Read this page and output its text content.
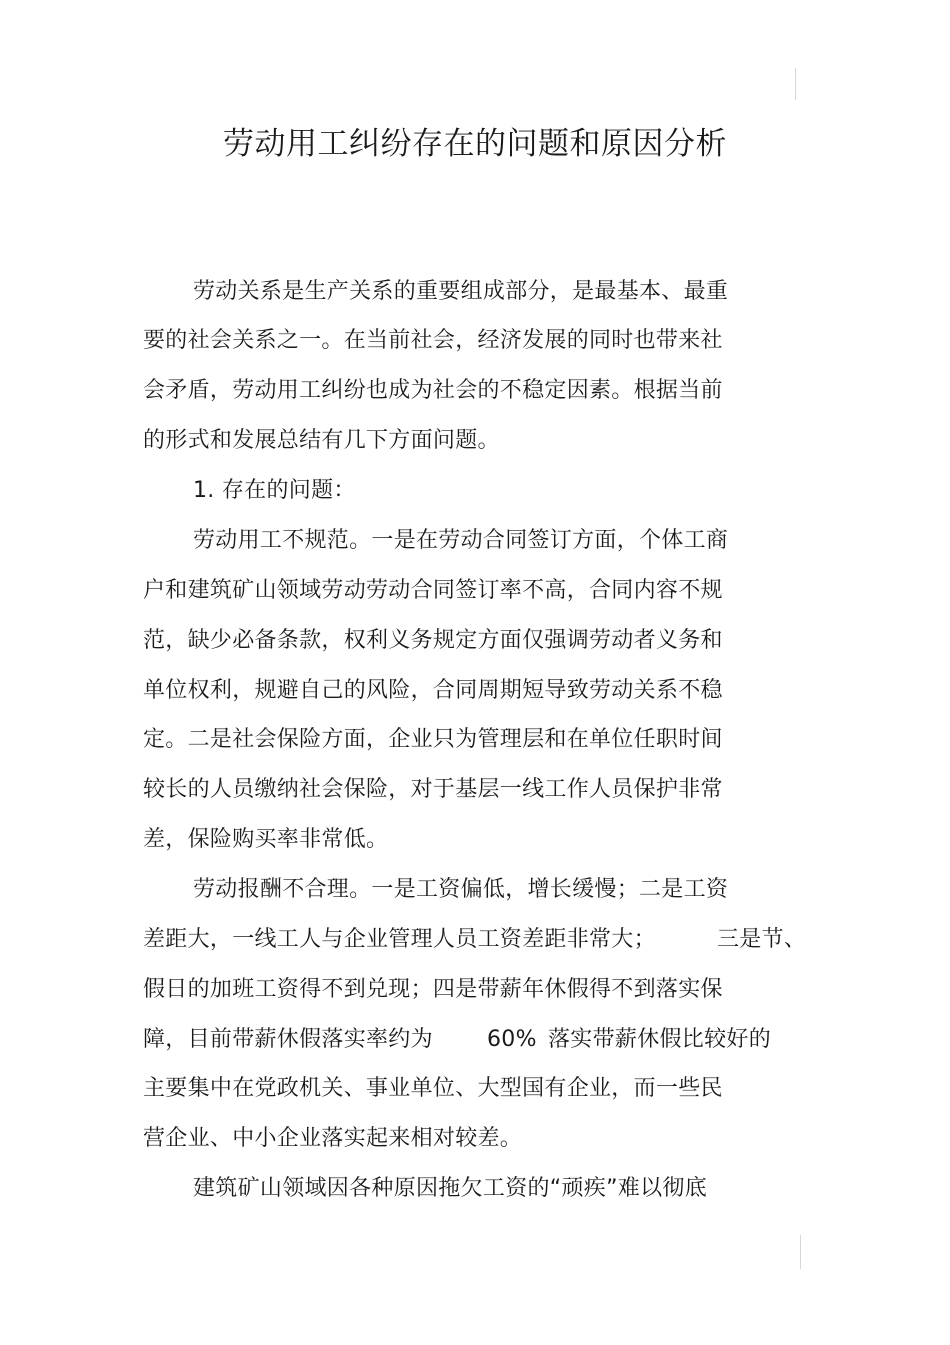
劳动用工纠纷存在的问题和原因分析
劳动关系是生产关系的重要组成部分，是最基本、最重
要的社会关系之一。在当前社会，经济发展的同时也带来社
会矛盾，劳动用工纠纷也成为社会的不稳定因素。根据当前
的形式和发展总结有几下方面问题。
1. 存在的问题：
劳动用工不规范。一是在劳动合同签订方面，个体工商
户和建筑矿山领域劳动劳动合同签订率不高，合同内容不规
范，缺少必备条款，权利义务规定方面仅强调劳动者义务和
单位权利，规避自己的风险，合同周期短导致劳动关系不稳
定。二是社会保险方面，企业只为管理层和在单位任职时间
较长的人员缴纳社会保险，对于基层一线工作人员保护非常
差，保险购买率非常低。
劳动报酬不合理。一是工资偏低，增长缓慢；二是工资
差距大，一线工人与企业管理人员工资差距非常大；	三是节、
假日的加班工资得不到兑现；四是带薪年休假得不到落实保
障，目前带薪休假落实率约为 60% 落实带薪休假比较好的
主要集中在党政机关、事业单位、大型国有企业，而一些民
营企业、中小企业落实起来相对较差。
建筑矿山领域因各种原因拖欠工资的“顽疾”难以彻底
